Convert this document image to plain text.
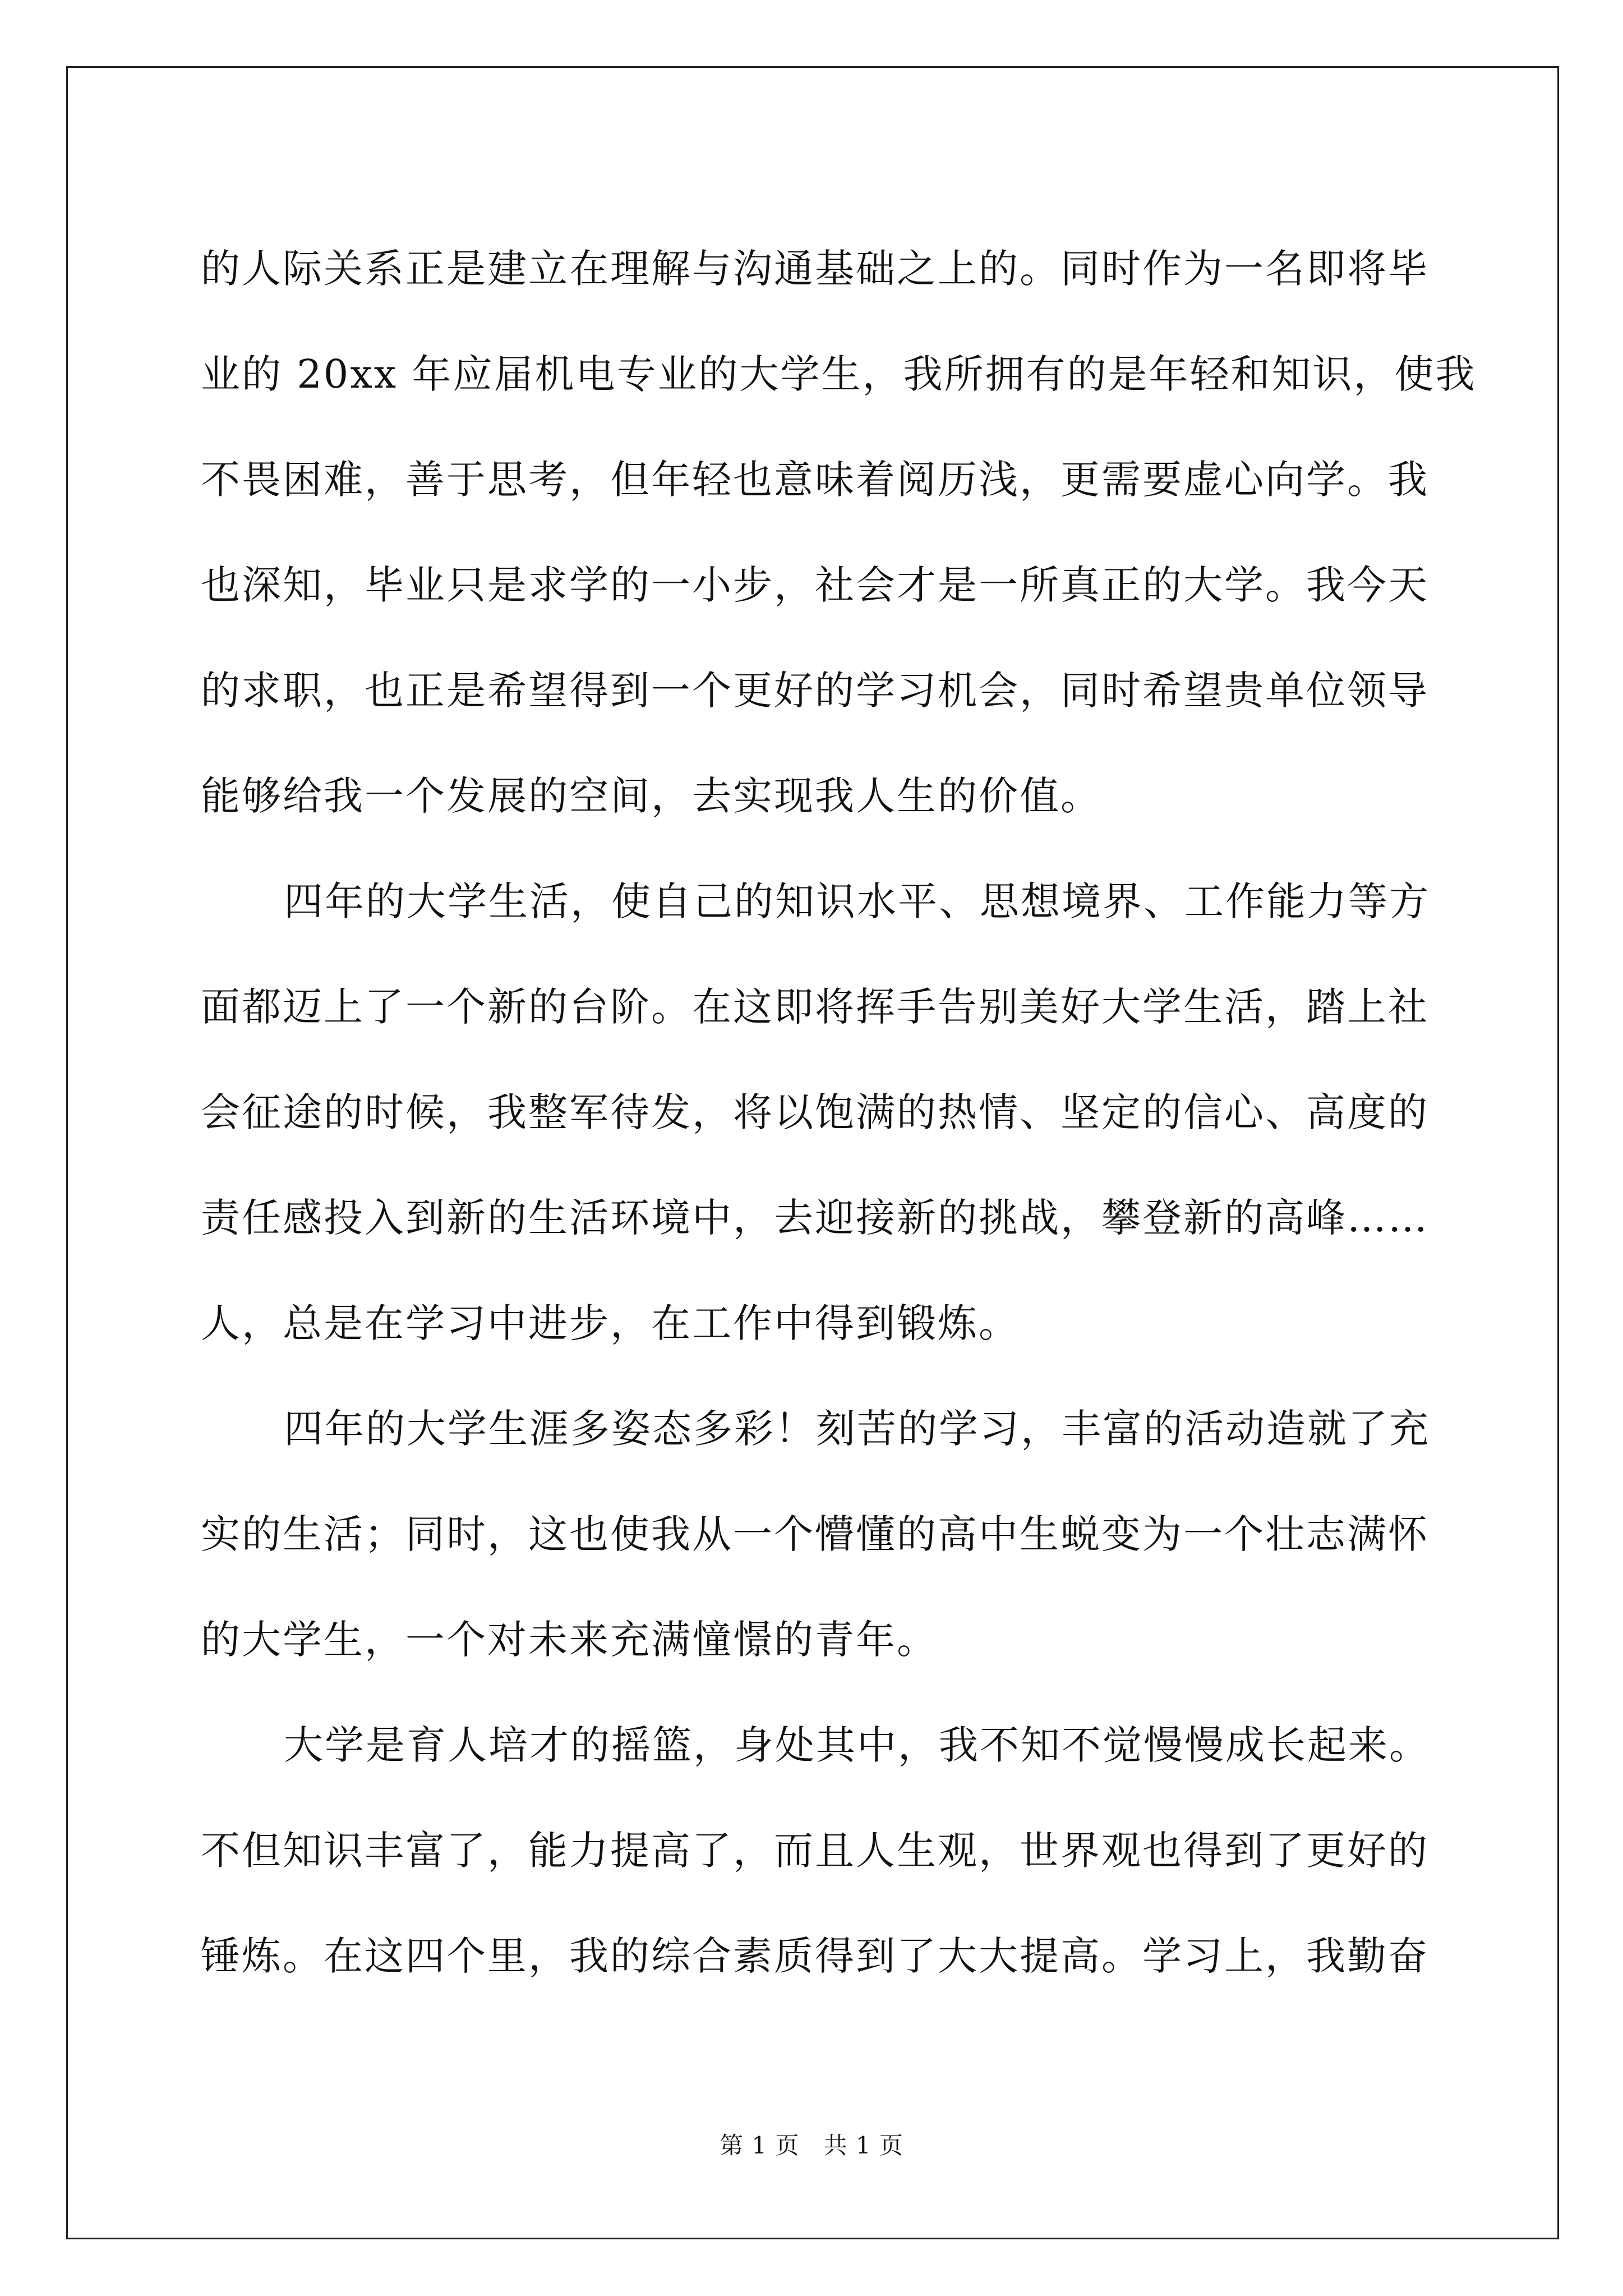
的人际关系正是建立在理解与沟通基础之上的。同时作为一名即将毕
业的 20xx 年应届机电专业的大学生，我所拥有的是年轻和知识，使我
不畏困难，善于思考，但年轻也意味着阅历浅，更需要虚心向学。我
也深知，毕业只是求学的一小步，社会才是一所真正的大学。我今天
的求职，也正是希望得到一个更好的学习机会，同时希望贵单位领导
能够给我一个发展的空间，去实现我人生的价值。
四年的大学生活，使自己的知识水平、思想境界、工作能力等方
面都迈上了一个新的台阶。在这即将挥手告别美好大学生活，踏上社
会征途的时候，我整军待发，将以饱满的热情、坚定的信心、高度的
责任感投入到新的生活环境中，去迎接新的挑战，攀登新的高峰……
人，总是在学习中进步，在工作中得到锻炼。
四年的大学生涯多姿态多彩！刻苦的学习，丰富的活动造就了充
实的生活；同时，这也使我从一个懵懂的高中生蜕变为一个壮志满怀
的大学生，一个对未来充满憧憬的青年。
大学是育人培才的摇篮，身处其中，我不知不觉慢慢成长起来。
不但知识丰富了，能力提高了，而且人生观，世界观也得到了更好的
锤炼。在这四个里，我的综合素质得到了大大提高。学习上，我勤奋
第 1 页　共 1 页
